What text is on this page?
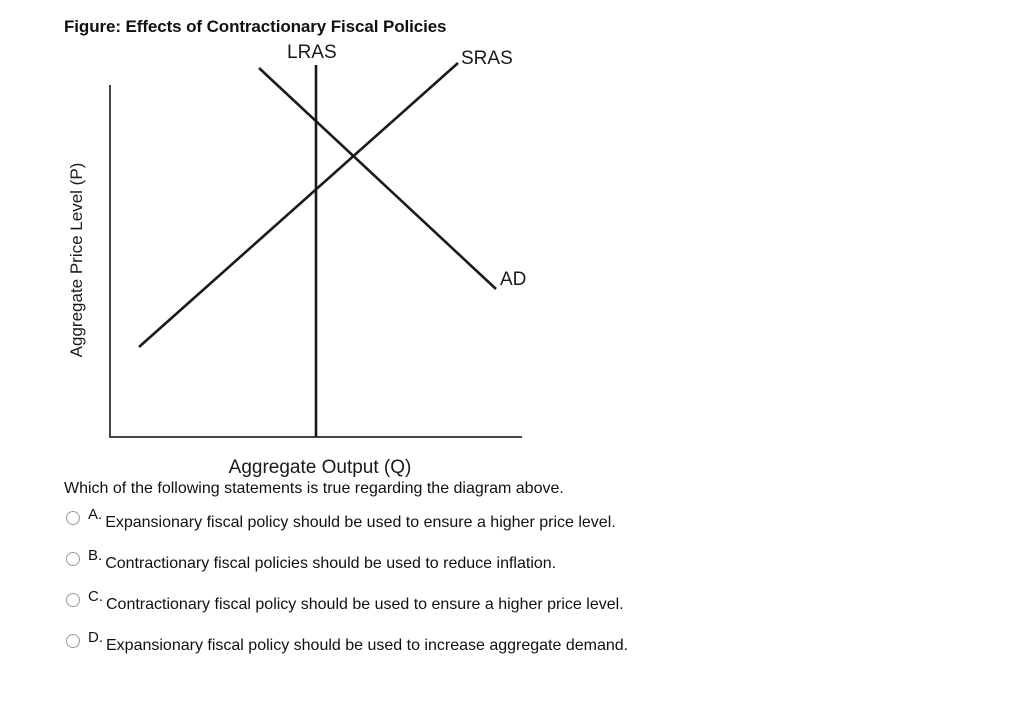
Figure: Effects of Contractionary Fiscal Policies
LRAS	SRAS
AD
Aggregate Price Level (P)
Aggregate Output (Q)
Which of the following statements is true regarding the diagram above.
A. Expansionary fiscal policy should be used to ensure a higher price level.
B. Contractionary fiscal policies should be used to reduce inflation.
C. Contractionary fiscal policy should be used to ensure a higher price level.
D. Expansionary fiscal policy should be used to increase aggregate demand.
